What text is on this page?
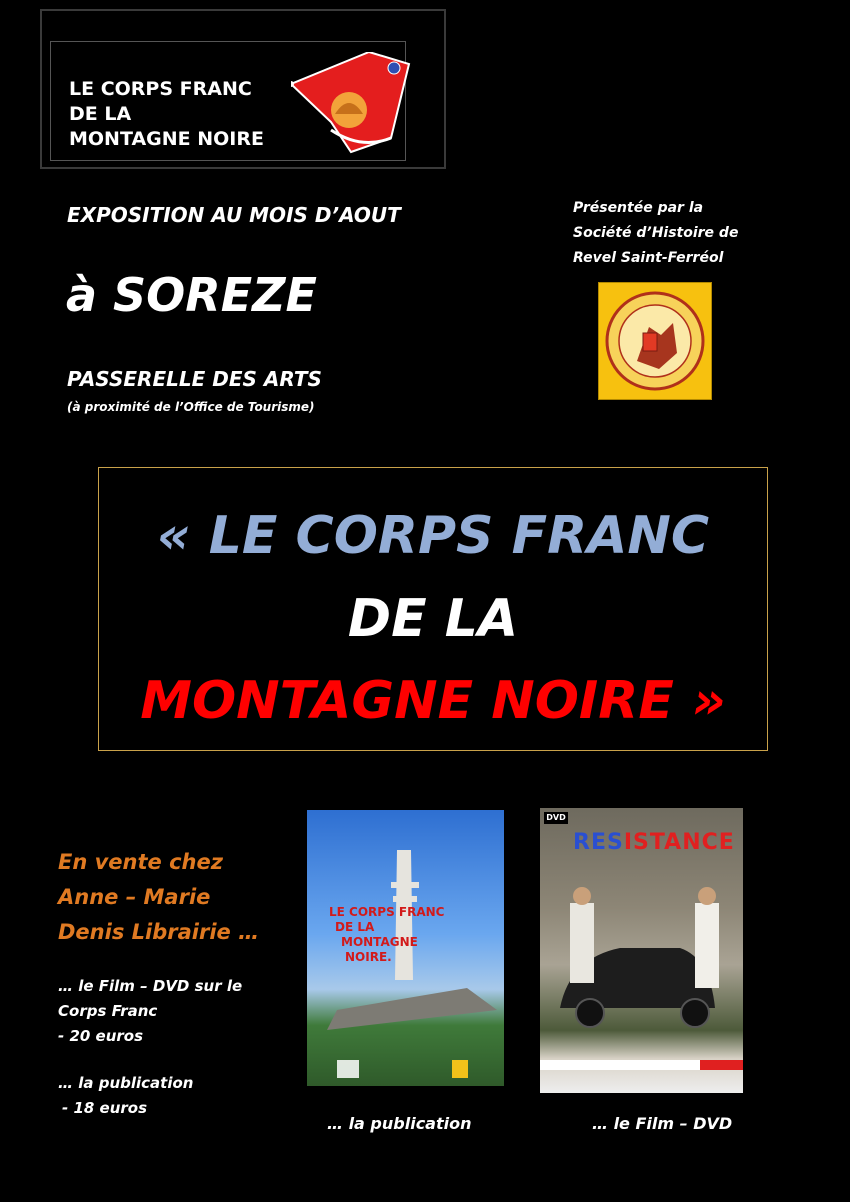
LE CORPS FRANC
DE LA
MONTAGNE NOIRE
EXPOSITION AU MOIS D’AOUT
à SOREZE
PASSERELLE DES ARTS
(à proximité de l’Office de Tourisme)
Présentée par la
Société d’Histoire de
Revel Saint-Ferréol
« LE CORPS FRANC
DE LA
MONTAGNE NOIRE »
En vente chez
Anne – Marie
Denis Librairie …
… le Film – DVD sur le
Corps Franc
- 20 euros
… la publication
- 18 euros
LE CORPS FRANC
DE LA
MONTAGNE
NOIRE.
DVD
RESISTANCE
… la publication	… le Film – DVD
